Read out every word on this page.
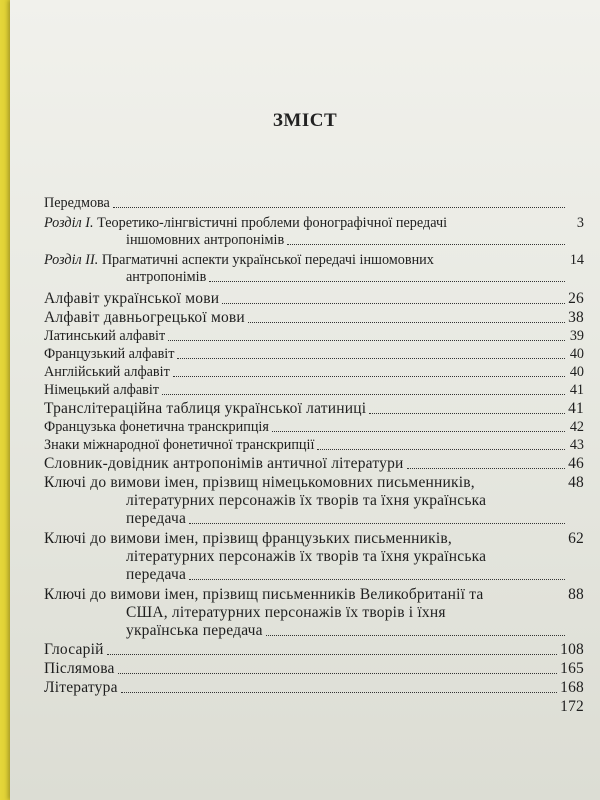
ЗМІСТ
Передмова
Розділ I. Теоретико-лінгвістичні проблеми фонографічної передачі	3
іншомовних антропонімів
Розділ II. Прагматичні аспекти української передачі іншомовних	14
антропонімів
Алфавіт української мови	26
Алфавіт давньогрецької мови	38
Латинський алфавіт	39
Французький алфавіт	40
Англійський алфавіт	40
Німецький алфавіт	41
Транслітераційна таблиця української латиниці	41
Французька фонетична транскрипція	42
Знаки міжнародної фонетичної транскрипції	43
Словник-довідник антропонімів античної літератури	46
Ключі до вимови імен, прізвищ німецькомовних письменників,	48
літературних персонажів їх творів та їхня українська
передача
Ключі до вимови імен, прізвищ французьких письменників,	62
літературних персонажів їх творів та їхня українська
передача
Ключі до вимови імен, прізвищ письменників Великобританії та	88
США, літературних персонажів їх творів і їхня
українська передача
Глосарій	108
Післямова	165
Література	168
172
